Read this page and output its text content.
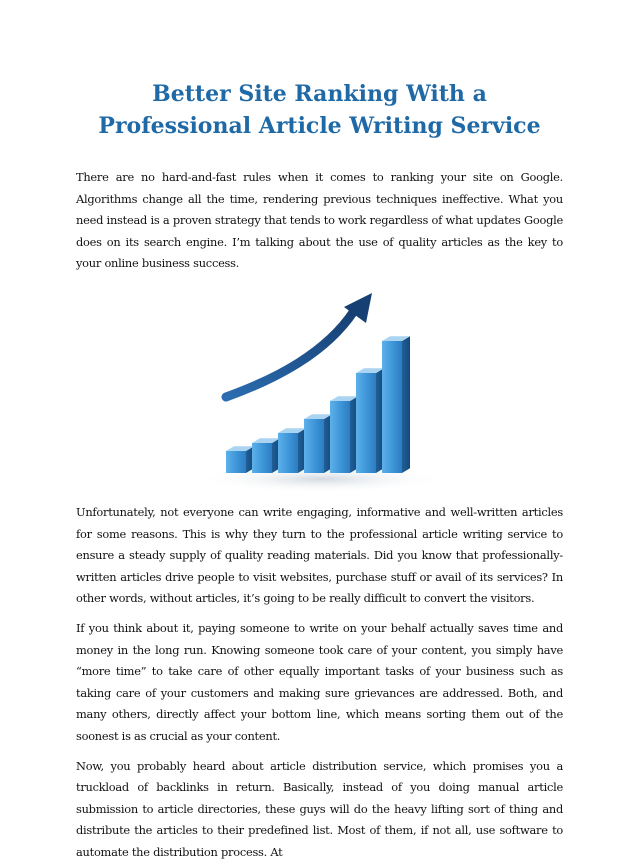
Better Site Ranking With a
Professional Article Writing Service

There are no hard-and-fast rules when it comes to ranking your site on Google. Algorithms change all the time, rendering previous techniques ineffective. What you need instead is a proven strategy that tends to work regardless of what updates Google does on its search engine. I’m talking about the use of quality articles as the key to your online business success.

Unfortunately, not everyone can write engaging, informative and well-written articles for some reasons. This is why they turn to the professional article writing service to ensure a steady supply of quality reading materials. Did you know that professionally-written articles drive people to visit websites, purchase stuff or avail of its services? In other words, without articles, it’s going to be really difficult to convert the visitors.

If you think about it, paying someone to write on your behalf actually saves time and money in the long run. Knowing someone took care of your content, you simply have “more time” to take care of other equally important tasks of your business such as taking care of your customers and making sure grievances are addressed. Both, and many others, directly affect your bottom line, which means sorting them out of the soonest is as crucial as your content.

Now, you probably heard about article distribution service, which promises you a truckload of backlinks in return. Basically, instead of you doing manual article submission to article directories, these guys will do the heavy lifting sort of thing and distribute the articles to their predefined list. Most of them, if not all, use software to automate the distribution process. At
